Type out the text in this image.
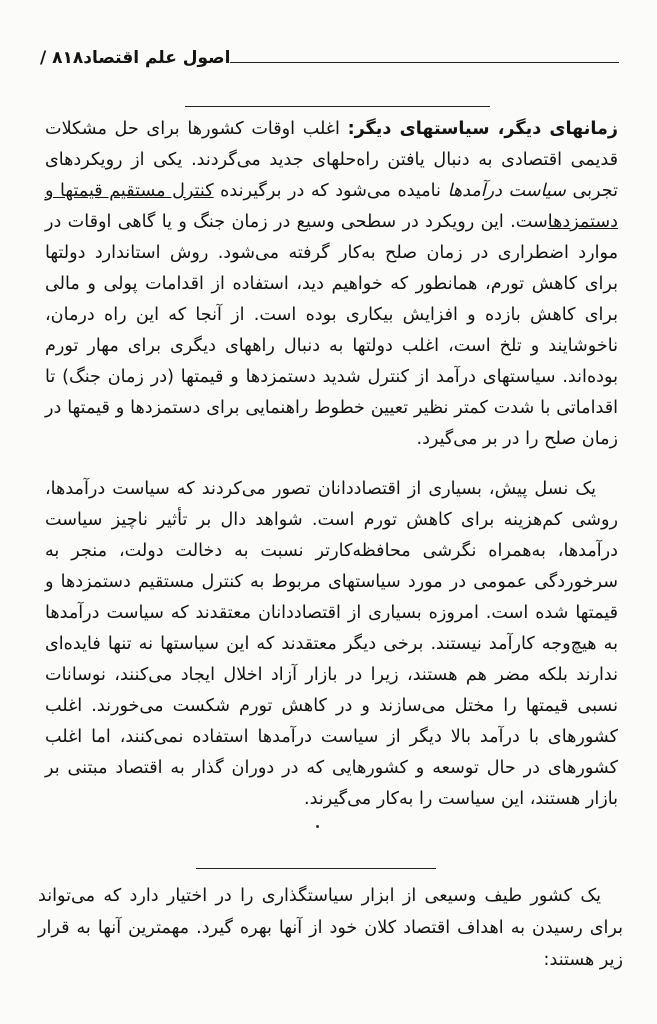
۸۱۸ /	اصول علم اقتصاد
زمانهای دیگر، سیاستهای دیگر: اغلب اوقات کشورها برای حل مشکلات قدیمی اقتصادی به دنبال یافتن راه‌حلهای جدید می‌گردند. یکی از رویکردهای تجربی سیاست درآمدها نامیده می‌شود که در برگیرنده کنترل مستقیم قیمتها و دستمزدهاست. این رویکرد در سطحی وسیع در زمان جنگ و یا گاهی اوقات در موارد اضطراری در زمان صلح به‌کار گرفته می‌شود. روش استاندارد دولتها برای کاهش تورم، همانطور که خواهیم دید، استفاده از اقدامات پولی و مالی برای کاهش بازده و افزایش بیکاری بوده است. از آنجا که این راه درمان، ناخوشایند و تلخ است، اغلب دولتها به دنبال راههای دیگری برای مهار تورم بوده‌اند. سیاستهای درآمد از کنترل شدید دستمزدها و قیمتها (در زمان جنگ) تا اقداماتی با شدت کمتر نظیر تعیین خطوط راهنمایی برای دستمزدها و قیمتها در زمان صلح را در بر می‌گیرد.
یک نسل پیش، بسیاری از اقتصاددانان تصور می‌کردند که سیاست درآمدها، روشی کم‌هزینه برای کاهش تورم است. شواهد دال بر تأثیر ناچیز سیاست درآمدها، به‌همراه نگرشی محافظه‌کارتر نسبت به دخالت دولت، منجر به سرخوردگی عمومی در مورد سیاستهای مربوط به کنترل مستقیم دستمزدها و قیمتها شده است. امروزه بسیاری از اقتصاددانان معتقدند که سیاست درآمدها به هیچ‌وجه کارآمد نیستند. برخی دیگر معتقدند که این سیاستها نه تنها فایده‌ای ندارند بلکه مضر هم هستند، زیرا در بازار آزاد اخلال ایجاد می‌کنند، نوسانات نسبی قیمتها را مختل می‌سازند و در کاهش تورم شکست می‌خورند. اغلب کشورهای با درآمد بالا دیگر از سیاست درآمدها استفاده نمی‌کنند، اما اغلب کشورهای در حال توسعه و کشورهایی که در دوران گذار به اقتصاد مبتنی بر بازار هستند، این سیاست را به‌کار می‌گیرند.
یک کشور طیف وسیعی از ابزار سیاستگذاری را در اختیار دارد که می‌تواند برای رسیدن به اهداف اقتصاد کلان خود از آنها بهره گیرد. مهمترین آنها به قرار زیر هستند:
